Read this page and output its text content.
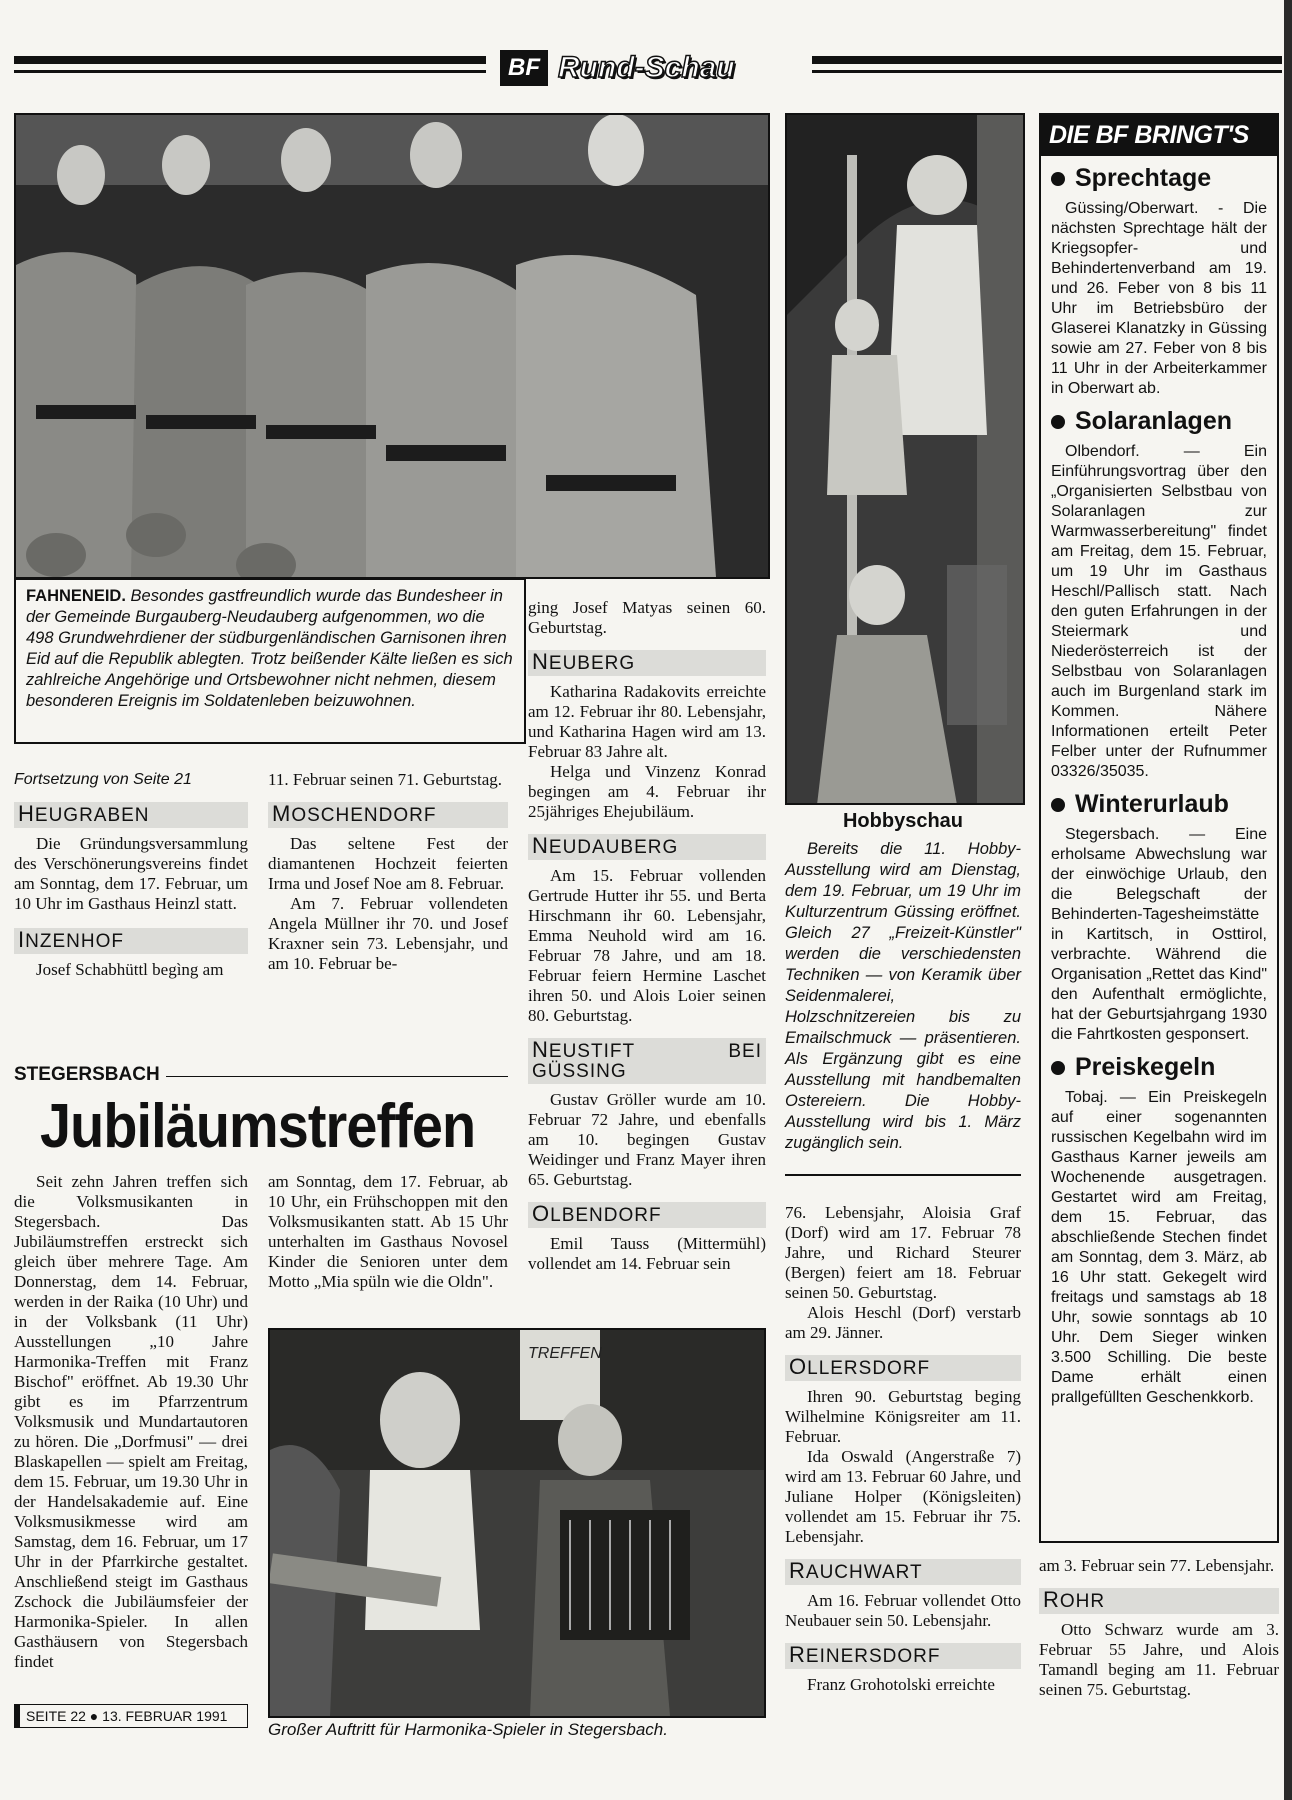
BF Rund-Schau
FAHNENEID. Besondes gastfreundlich wurde das Bundesheer in der Gemeinde Burgauberg-Neudauberg aufgenommen, wo die 498 Grundwehrdiener der südburgenländischen Garnisonen ihren Eid auf die Republik ablegten. Trotz beißender Kälte ließen es sich zahlreiche Angehörige und Ortsbewohner nicht nehmen, diesem besonderen Ereignis im Soldatenleben beizuwohnen.
Fortsetzung von Seite 21
HEUGRABEN

Die Gründungsversammlung des Verschönerungsvereins findet am Sonntag, dem 17. Februar, um 10 Uhr im Gasthaus Heinzl statt.

INZENHOF

Josef Schabhüttl begìng am

11. Februar seinen 71. Geburtstag.

MOSCHENDORF

Das seltene Fest der diamantenen Hochzeit feierten Irma und Josef Noe am 8. Februar.

Am 7. Februar vollendeten Angela Müllner ihr 70. und Josef Kraxner sein 73. Lebensjahr, und am 10. Februar be-

ging Josef Matyas seinen 60. Geburtstag.

NEUBERG

Katharina Radakovits erreichte am 12. Februar ihr 80. Lebensjahr, und Katharina Hagen wird am 13. Februar 83 Jahre alt.

Helga und Vinzenz Konrad begingen am 4. Februar ihr 25jähriges Ehejubiläum.

NEUDAUBERG

Am 15. Februar vollenden Gertrude Hutter ihr 55. und Berta Hirschmann ihr 60. Lebensjahr, Emma Neuhold wird am 16. Februar 78 Jahre, und am 18. Februar feiern Hermine Laschet ihren 50. und Alois Loier seinen 80. Geburtstag.

NEUSTIFT BEI GÜSSING

Gustav Gröller wurde am 10. Februar 72 Jahre, und ebenfalls am 10. begingen Gustav Weidinger und Franz Mayer ihren 65. Geburtstag.

OLBENDORF

Emil Tauss (Mittermühl) vollendet am 14. Februar sein

Hobbyschau
Bereits die 11. Hobby-Ausstellung wird am Dienstag, dem 19. Februar, um 19 Uhr im Kulturzentrum Güssing eröffnet. Gleich 27 „Freizeit-Künstler" werden die verschiedensten Techniken — von Keramik über Seidenmalerei, Holzschnitzereien bis zu Emailschmuck — präsentieren. Als Ergänzung gibt es eine Ausstellung mit handbemalten Ostereiern. Die Hobby-Ausstellung wird bis 1. März zugänglich sein.

76. Lebensjahr, Aloisia Graf (Dorf) wird am 17. Februar 78 Jahre, und Richard Steurer (Bergen) feiert am 18. Februar seinen 50. Geburtstag.

Alois Heschl (Dorf) verstarb am 29. Jänner.

OLLERSDORF

Ihren 90. Geburtstag beging Wilhelmine Königsreiter am 11. Februar.

Ida Oswald (Angerstraße 7) wird am 13. Februar 60 Jahre, und Juliane Holper (Königsleiten) vollendet am 15. Februar ihr 75. Lebensjahr.

RAUCHWART

Am 16. Februar vollendet Otto Neubauer sein 50. Lebensjahr.

REINERSDORF

Franz Grohotolski erreichte

STEGERSBACH
Jubiläumstreffen

Seit zehn Jahren treffen sich die Volksmusikanten in Stegersbach. Das Jubiläumstreffen erstreckt sich gleich über mehrere Tage. Am Donnerstag, dem 14. Februar, werden in der Raika (10 Uhr) und in der Volksbank (11 Uhr) Ausstellungen „10 Jahre Harmonika-Treffen mit Franz Bischof" eröffnet. Ab 19.30 Uhr gibt es im Pfarrzentrum Volksmusik und Mundartautoren zu hören. Die „Dorfmusi" — drei Blaskapellen — spielt am Freitag, dem 15. Februar, um 19.30 Uhr in der Handelsakademie auf. Eine Volksmusikmesse wird am Samstag, dem 16. Februar, um 17 Uhr in der Pfarrkirche gestaltet. Anschließend steigt im Gasthaus Zschock die Jubiläumsfeier der Harmonika-Spieler. In allen Gasthäusern von Stegersbach findet

am Sonntag, dem 17. Februar, ab 10 Uhr, ein Frühschoppen mit den Volksmusikanten statt. Ab 15 Uhr unterhalten im Gasthaus Novosel Kinder die Senioren unter dem Motto „Mia spüln wie die Oldn".

TREFFEN
Großer Auftritt für Harmonika-Spieler in Stegersbach.
SEITE 22 ● 13. FEBRUAR 1991
DIE BF BRINGT'S
Sprechtage
Güssing/Oberwart. - Die nächsten Sprechtage hält der Kriegsopfer- und Behindertenverband am 19. und 26. Feber von 8 bis 11 Uhr im Betriebsbüro der Glaserei Klanatzky in Güssing sowie am 27. Feber von 8 bis 11 Uhr in der Arbeiterkammer in Oberwart ab.
Solaranlagen
Olbendorf. — Ein Einführungsvortrag über den „Organisierten Selbstbau von Solaranlagen zur Warmwasserbereitung" findet am Freitag, dem 15. Februar, um 19 Uhr im Gasthaus Heschl/Pallisch statt. Nach den guten Erfahrungen in der Steiermark und Niederösterreich ist der Selbstbau von Solaranlagen auch im Burgenland stark im Kommen. Nähere Informationen erteilt Peter Felber unter der Rufnummer 03326/35035.
Winterurlaub
Stegersbach. — Eine erholsame Abwechslung war der einwöchige Urlaub, den die Belegschaft der Behinderten-Tagesheimstätte in Kartitsch, in Osttirol, verbrachte. Während die Organisation „Rettet das Kind" den Aufenthalt ermöglichte, hat der Geburtsjahrgang 1930 die Fahrtkosten gesponsert.
Preiskegeln
Tobaj. — Ein Preiskegeln auf einer sogenannten russischen Kegelbahn wird im Gasthaus Karner jeweils am Wochenende ausgetragen. Gestartet wird am Freitag, dem 15. Februar, das abschließende Stechen findet am Sonntag, dem 3. März, ab 16 Uhr statt. Gekegelt wird freitags und samstags ab 18 Uhr, sowie sonntags ab 10 Uhr. Dem Sieger winken 3.500 Schilling. Die beste Dame erhält einen prallgefüllten Geschenkkorb.

am 3. Februar sein 77. Lebensjahr.

ROHR

Otto Schwarz wurde am 3. Februar 55 Jahre, und Alois Tamandl beging am 11. Februar seinen 75. Geburtstag.
